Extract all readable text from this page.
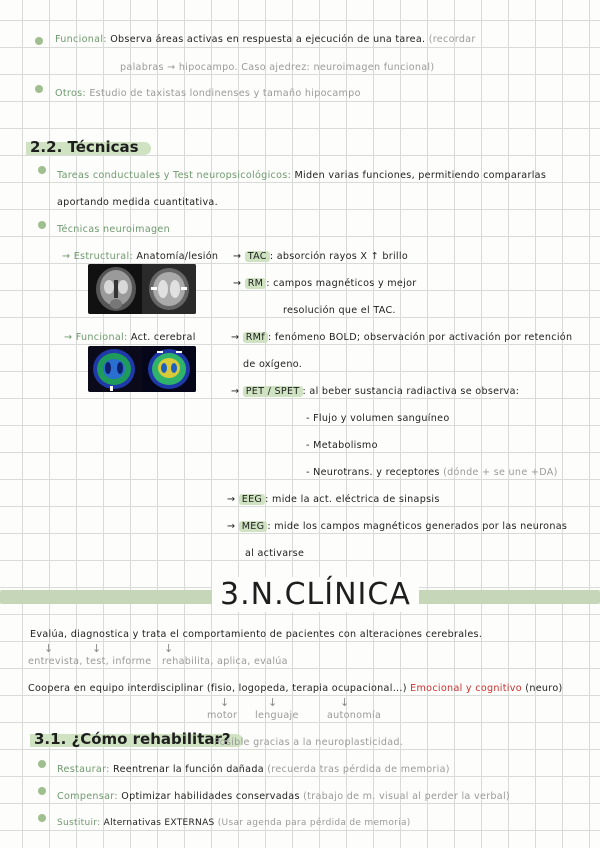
Funcional: Observa áreas activas en respuesta a ejecución de una tarea. (recordar
palabras → hipocampo. Caso ajedrez: neuroimagen funcional)
Otros: Estudio de taxistas londinenses y tamaño hipocampo
2.2. Técnicas
Tareas conductuales y Test neuropsicológicos: Miden varias funciones, permitiendo compararlas
aportando medida cuantitativa.
Técnicas neuroimagen
→ Estructural: Anatomía/lesión → TAC : absorción rayos X ↑ brillo
→ RM : campos magnéticos y mejor
resolución que el TAC.
→ Funcional: Act. cerebral	→ RMf : fenómeno BOLD; observación por activación por retención
de oxígeno.
→ PET / SPET : al beber sustancia radiactiva se observa:
- Flujo y volumen sanguíneo
- Metabolismo
- Neurotrans. y receptores (dónde + se une +DA)
→ EEG : mide la act. eléctrica de sinapsis
→ MEG : mide los campos magnéticos generados por las neuronas
al activarse
3.N.CLÍNICA
Evalúa, diagnostica y trata el comportamiento de pacientes con alteraciones cerebrales.
↓	↓	↓
entrevista, test, informe rehabilita, aplica, evalúa
Coopera en equipo interdisciplinar (fisio, logopeda, terapia ocupacional...) Emocional y cognitivo (neuro)
↓	↓	↓
motor lenguaje	autonomía
3.1. ¿Cómo rehabilitar?
Posible gracias a la neuroplasticidad.
Restaurar: Reentrenar la función dañada (recuerda tras pérdida de memoria)
Compensar: Optimizar habilidades conservadas (trabajo de m. visual al perder la verbal)
Sustituir: Alternativas EXTERNAS (Usar agenda para pérdida de memoria)
